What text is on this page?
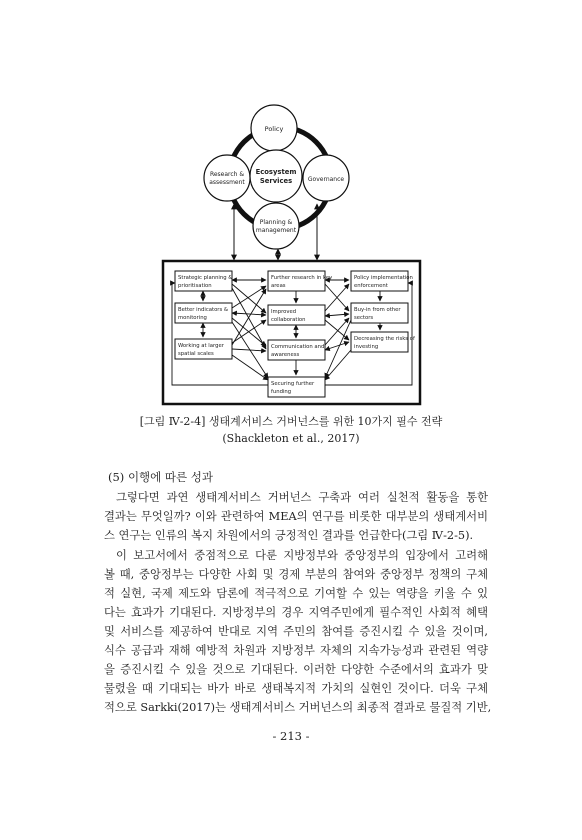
Policy
Research &
assessment
Ecosystem
Services	Governance
Planning &
management
Strategic planning &
prioritisation
Better indicators &
monitoring
Working at larger
spatial scales
Further research in key
areas
Improved
collaboration
Communication and
awareness
Securing further
funding
Policy implementation
enforcement
Buy-in from other
sectors
Decreasing the risks of
investing
[그림 Ⅳ-2-4] 생태계서비스 거버넌스를 위한 10가지 필수 전략
(Shackleton et al., 2017)
(5) 이행에 따른 성과
그렇다면 과연 생태계서비스 거버넌스 구축과 여러 실천적 활동을 통한
결과는 무엇일까? 이와 관련하여 MEA의 연구를 비롯한 대부분의 생태계서비
스 연구는 인류의 복지 차원에서의 긍정적인 결과를 언급한다(그림 Ⅳ-2-5).
이 보고서에서 중점적으로 다룬 지방정부와 중앙정부의 입장에서 고려해
볼 때, 중앙정부는 다양한 사회 및 경제 부분의 참여와 중앙정부 정책의 구체
적 실현, 국제 제도와 담론에 적극적으로 기여할 수 있는 역량을 키울 수 있
다는 효과가 기대된다. 지방정부의 경우 지역주민에게 필수적인 사회적 혜택
및 서비스를 제공하여 반대로 지역 주민의 참여를 증진시킬 수 있을 것이며,
식수 공급과 재해 예방적 차원과 지방정부 자체의 지속가능성과 관련된 역량
을 증진시킬 수 있을 것으로 기대된다. 이러한 다양한 수준에서의 효과가 맞
물렸을 때 기대되는 바가 바로 생태복지적 가치의 실현인 것이다. 더욱 구체
적으로 Sarkki(2017)는 생태계서비스 거버넌스의 최종적 결과로 물질적 기반,
- 213 -
